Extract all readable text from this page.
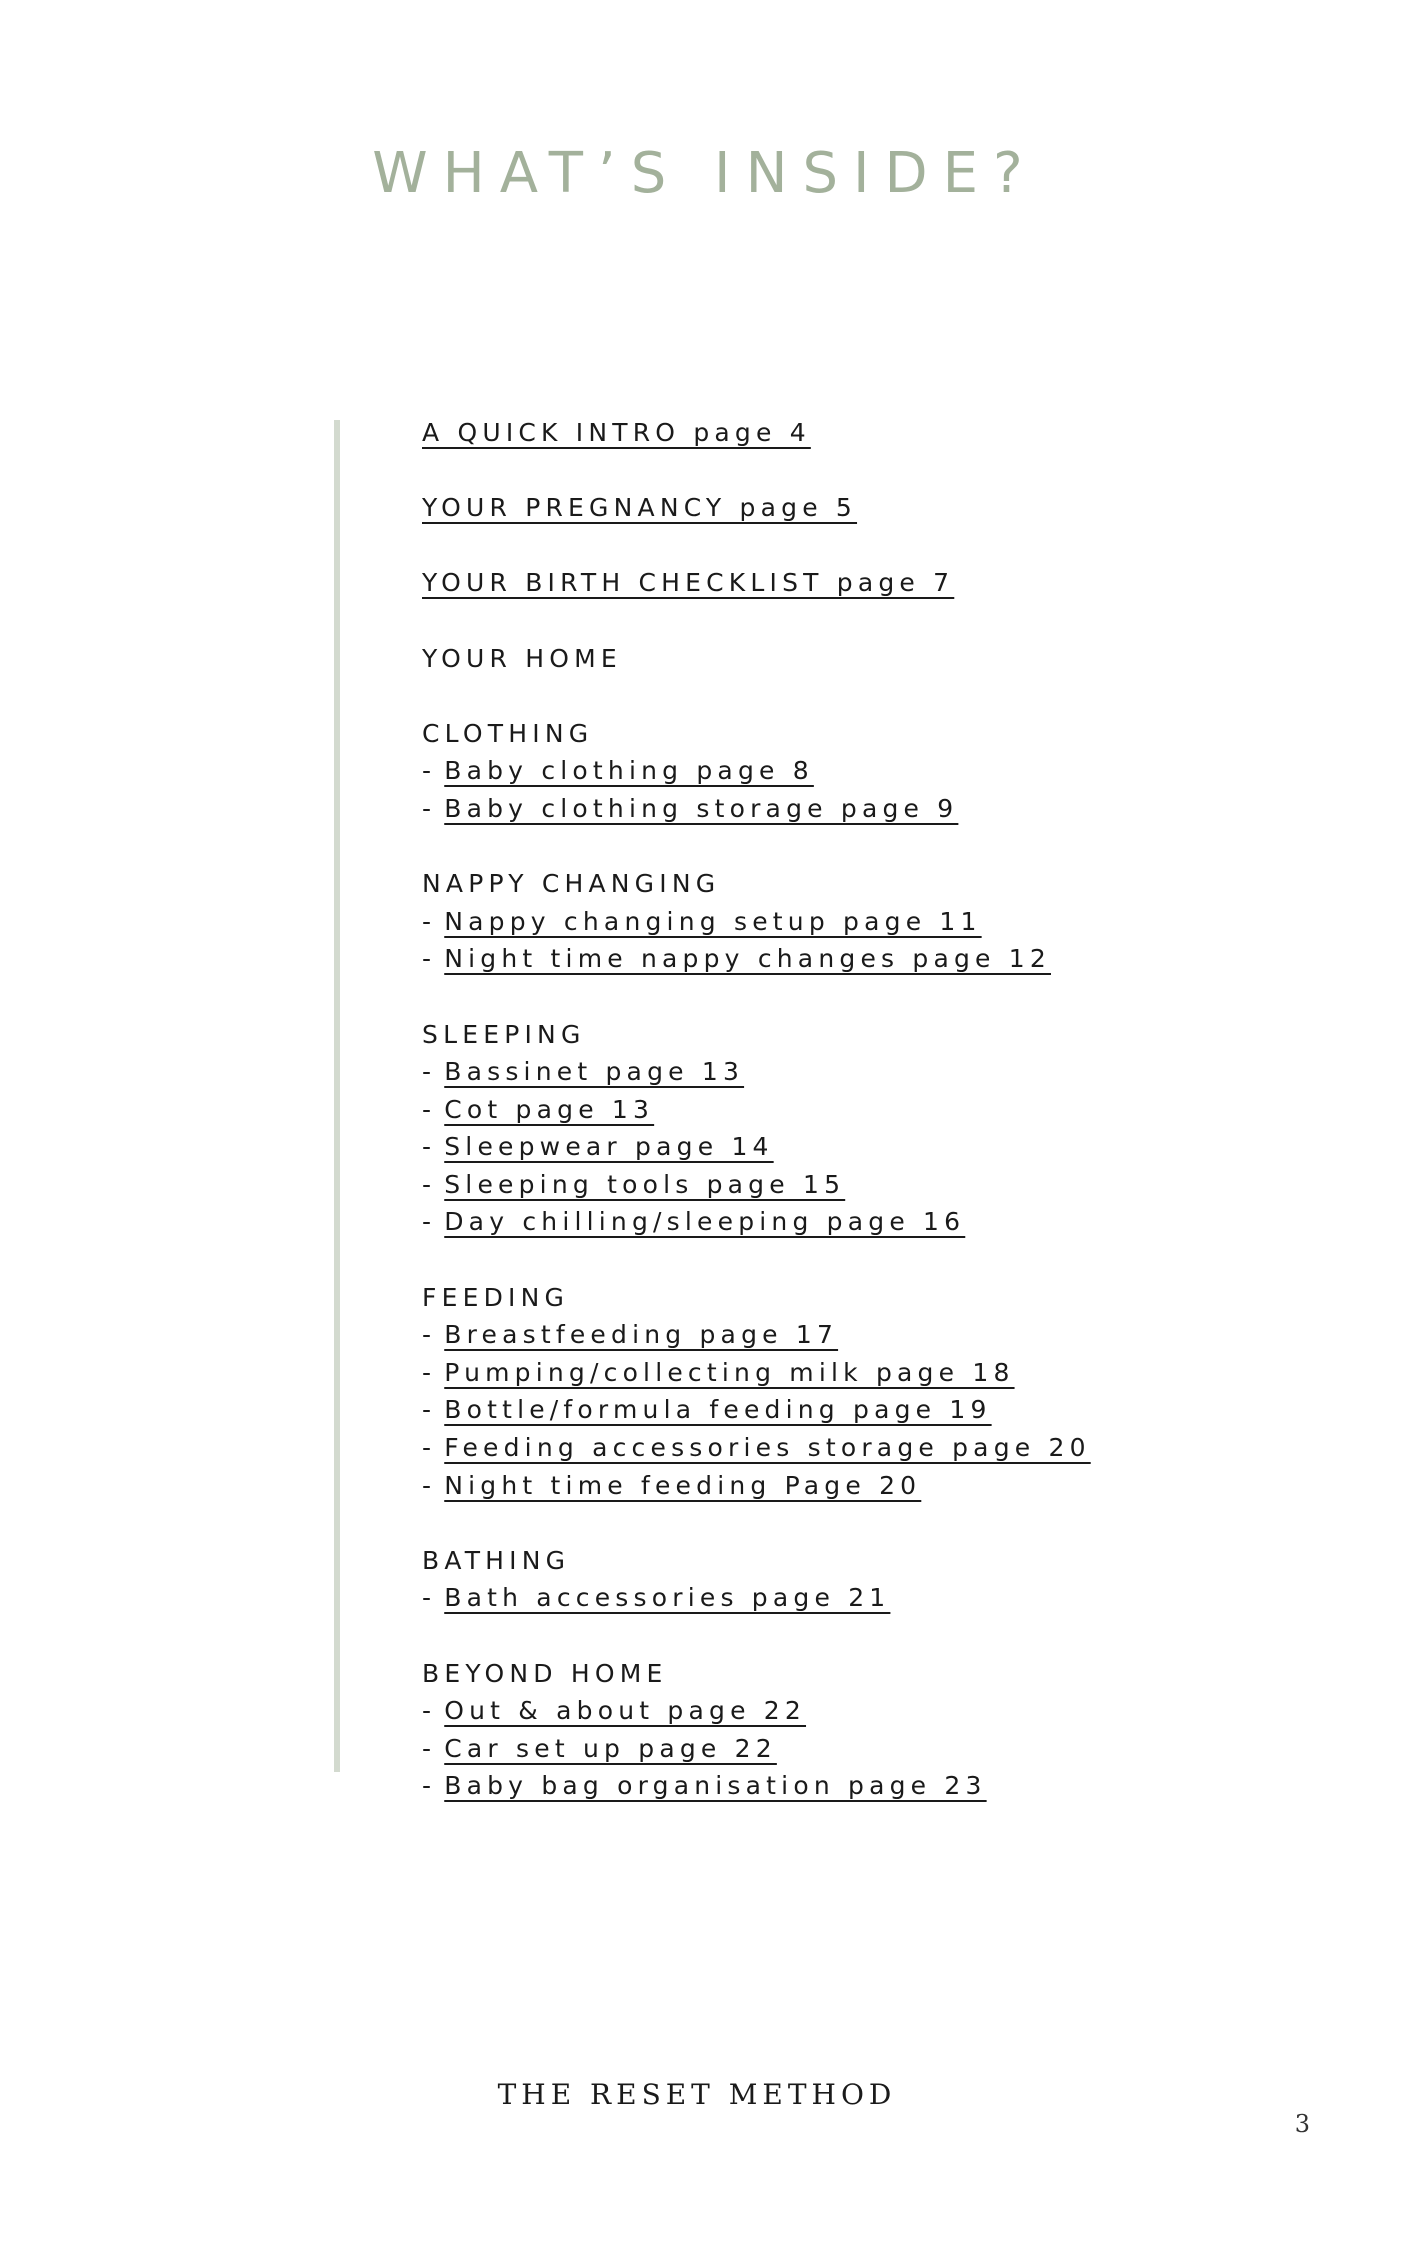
WHAT’S INSIDE?
A QUICK INTRO page 4
YOUR PREGNANCY page 5
YOUR BIRTH CHECKLIST page 7
YOUR HOME
CLOTHING
- Baby clothing page 8
- Baby clothing storage page 9
NAPPY CHANGING
- Nappy changing setup page 11
- Night time nappy changes page 12
SLEEPING
- Bassinet page 13
- Cot page 13
- Sleepwear page 14
- Sleeping tools page 15
- Day chilling/sleeping page 16
FEEDING
- Breastfeeding page 17
- Pumping/collecting milk page 18
- Bottle/formula feeding page 19
- Feeding accessories storage page 20
- Night time feeding Page 20
BATHING
- Bath accessories page 21
BEYOND HOME
- Out & about page 22
- Car set up page 22
- Baby bag organisation page 23
THE RESET METHOD
3
